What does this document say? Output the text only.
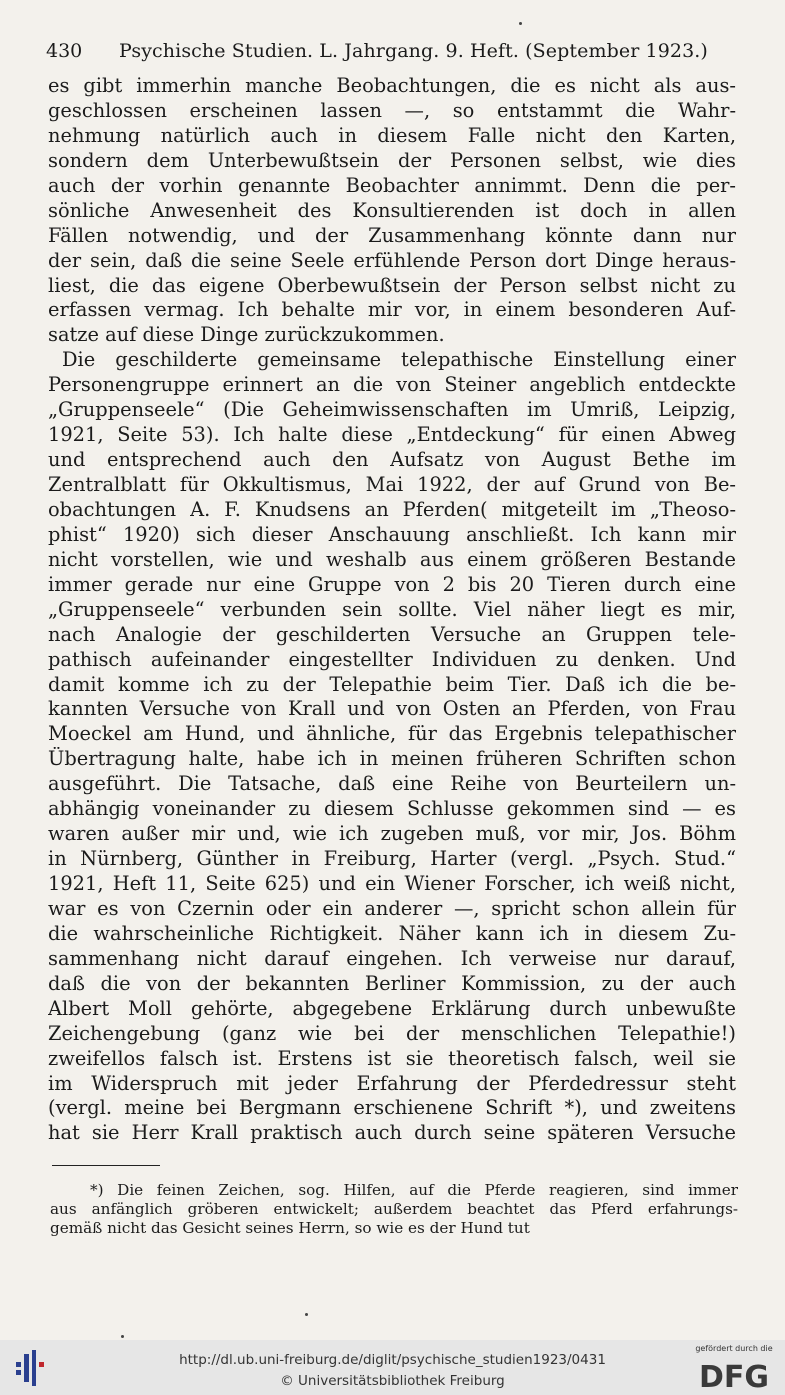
430 Psychische Studien. L. Jahrgang. 9. Heft. (September 1923.)
es gibt immerhin manche Beobachtungen, die es nicht als aus-
geschlossen erscheinen lassen —, so entstammt die Wahr-
nehmung natürlich auch in diesem Falle nicht den Karten,
sondern dem Unterbewußtsein der Personen selbst, wie dies
auch der vorhin genannte Beobachter annimmt. Denn die per-
sönliche Anwesenheit des Konsultierenden ist doch in allen
Fällen notwendig, und der Zusammenhang könnte dann nur
der sein, daß die seine Seele erfühlende Person dort Dinge heraus-
liest, die das eigene Oberbewußtsein der Person selbst nicht zu
erfassen vermag. Ich behalte mir vor, in einem besonderen Auf-
satze auf diese Dinge zurückzukommen.
Die geschilderte gemeinsame telepathische Einstellung einer
Personengruppe erinnert an die von Steiner angeblich entdeckte
„Gruppenseele“ (Die Geheimwissenschaften im Umriß, Leipzig,
1921, Seite 53). Ich halte diese „Entdeckung“ für einen Abweg
und entsprechend auch den Aufsatz von August Bethe im
Zentralblatt für Okkultismus, Mai 1922, der auf Grund von Be-
obachtungen A. F. Knudsens an Pferden( mitgeteilt im „Theoso-
phist“ 1920) sich dieser Anschauung anschließt. Ich kann mir
nicht vorstellen, wie und weshalb aus einem größeren Bestande
immer gerade nur eine Gruppe von 2 bis 20 Tieren durch eine
„Gruppenseele“ verbunden sein sollte. Viel näher liegt es mir,
nach Analogie der geschilderten Versuche an Gruppen tele-
pathisch aufeinander eingestellter Individuen zu denken. Und
damit komme ich zu der Telepathie beim Tier. Daß ich die be-
kannten Versuche von Krall und von Osten an Pferden, von Frau
Moeckel am Hund, und ähnliche, für das Ergebnis telepathischer
Übertragung halte, habe ich in meinen früheren Schriften schon
ausgeführt. Die Tatsache, daß eine Reihe von Beurteilern un-
abhängig voneinander zu diesem Schlusse gekommen sind — es
waren außer mir und, wie ich zugeben muß, vor mir, Jos. Böhm
in Nürnberg, Günther in Freiburg, Harter (vergl. „Psych. Stud.“
1921, Heft 11, Seite 625) und ein Wiener Forscher, ich weiß nicht,
war es von Czernin oder ein anderer —, spricht schon allein für
die wahrscheinliche Richtigkeit. Näher kann ich in diesem Zu-
sammenhang nicht darauf eingehen. Ich verweise nur darauf,
daß die von der bekannten Berliner Kommission, zu der auch
Albert Moll gehörte, abgegebene Erklärung durch unbewußte
Zeichengebung (ganz wie bei der menschlichen Telepathie!)
zweifellos falsch ist. Erstens ist sie theoretisch falsch, weil sie
im Widerspruch mit jeder Erfahrung der Pferdedressur steht
(vergl. meine bei Bergmann erschienene Schrift *), und zweitens
hat sie Herr Krall praktisch auch durch seine späteren Versuche
*) Die feinen Zeichen, sog. Hilfen, auf die Pferde reagieren, sind immer
aus anfänglich gröberen entwickelt; außerdem beachtet das Pferd erfahrungs-
gemäß nicht das Gesicht seines Herrn, so wie es der Hund tut
http://dl.ub.uni-freiburg.de/diglit/psychische_studien1923/0431
© Universitätsbibliothek Freiburg
gefördert durch die
DFG
